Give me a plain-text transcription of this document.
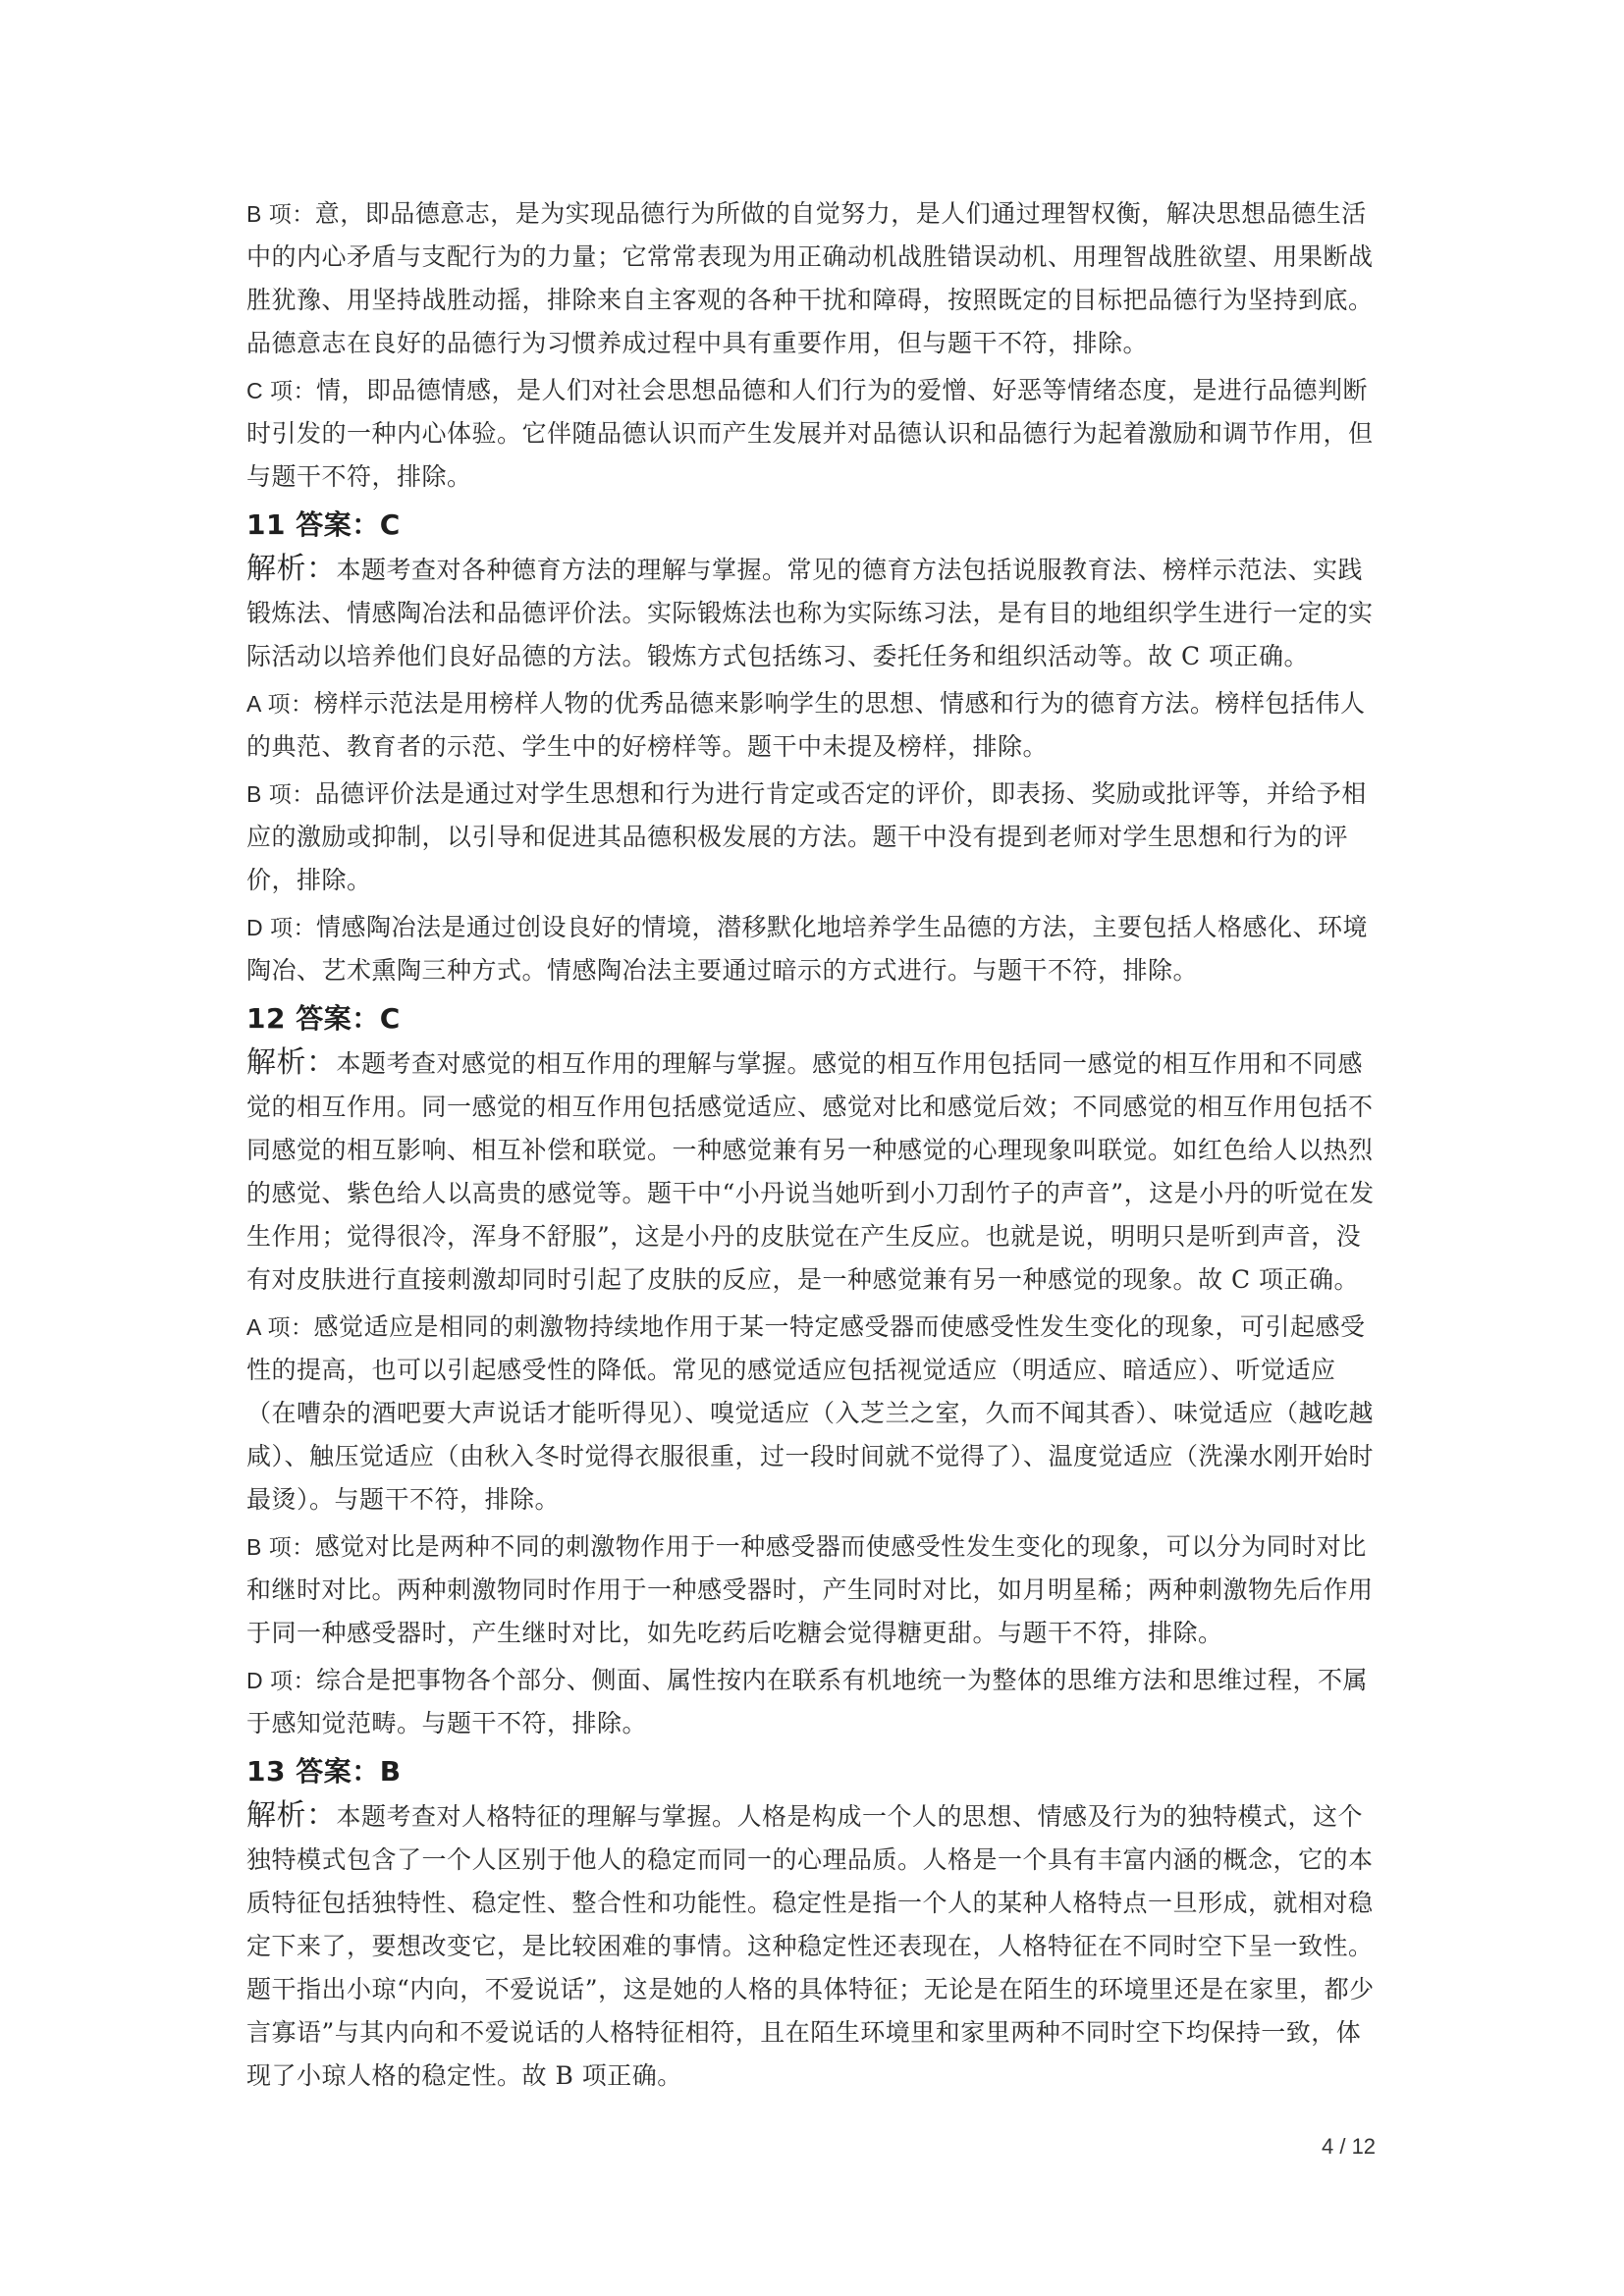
B 项：意，即品德意志，是为实现品德行为所做的自觉努力，是人们通过理智权衡，解决思想品德生活中的内心矛盾与支配行为的力量；它常常表现为用正确动机战胜错误动机、用理智战胜欲望、用果断战胜犹豫、用坚持战胜动摇，排除来自主客观的各种干扰和障碍，按照既定的目标把品德行为坚持到底。品德意志在良好的品德行为习惯养成过程中具有重要作用，但与题干不符，排除。

C 项：情，即品德情感，是人们对社会思想品德和人们行为的爱憎、好恶等情绪态度，是进行品德判断时引发的一种内心体验。它伴随品德认识而产生发展并对品德认识和品德行为起着激励和调节作用，但与题干不符，排除。

11 答案：C

解析：本题考查对各种德育方法的理解与掌握。常见的德育方法包括说服教育法、榜样示范法、实践锻炼法、情感陶冶法和品德评价法。实际锻炼法也称为实际练习法，是有目的地组织学生进行一定的实际活动以培养他们良好品德的方法。锻炼方式包括练习、委托任务和组织活动等。故 C 项正确。

A 项：榜样示范法是用榜样人物的优秀品德来影响学生的思想、情感和行为的德育方法。榜样包括伟人的典范、教育者的示范、学生中的好榜样等。题干中未提及榜样，排除。

B 项：品德评价法是通过对学生思想和行为进行肯定或否定的评价，即表扬、奖励或批评等，并给予相应的激励或抑制，以引导和促进其品德积极发展的方法。题干中没有提到老师对学生思想和行为的评价，排除。

D 项：情感陶冶法是通过创设良好的情境，潜移默化地培养学生品德的方法，主要包括人格感化、环境陶冶、艺术熏陶三种方式。情感陶冶法主要通过暗示的方式进行。与题干不符，排除。

12 答案：C

解析：本题考查对感觉的相互作用的理解与掌握。感觉的相互作用包括同一感觉的相互作用和不同感觉的相互作用。同一感觉的相互作用包括感觉适应、感觉对比和感觉后效；不同感觉的相互作用包括不同感觉的相互影响、相互补偿和联觉。一种感觉兼有另一种感觉的心理现象叫联觉。如红色给人以热烈的感觉、紫色给人以高贵的感觉等。题干中“小丹说当她听到小刀刮竹子的声音”，这是小丹的听觉在发生作用；觉得很冷，浑身不舒服”，这是小丹的皮肤觉在产生反应。也就是说，明明只是听到声音，没有对皮肤进行直接刺激却同时引起了皮肤的反应，是一种感觉兼有另一种感觉的现象。故 C 项正确。

A 项：感觉适应是相同的刺激物持续地作用于某一特定感受器而使感受性发生变化的现象，可引起感受性的提高，也可以引起感受性的降低。常见的感觉适应包括视觉适应（明适应、暗适应）、听觉适应（在嘈杂的酒吧要大声说话才能听得见）、嗅觉适应（入芝兰之室，久而不闻其香）、味觉适应（越吃越咸）、触压觉适应（由秋入冬时觉得衣服很重，过一段时间就不觉得了）、温度觉适应（洗澡水刚开始时最烫）。与题干不符，排除。

B 项：感觉对比是两种不同的刺激物作用于一种感受器而使感受性发生变化的现象，可以分为同时对比和继时对比。两种刺激物同时作用于一种感受器时，产生同时对比，如月明星稀；两种刺激物先后作用于同一种感受器时，产生继时对比，如先吃药后吃糖会觉得糖更甜。与题干不符，排除。

D 项：综合是把事物各个部分、侧面、属性按内在联系有机地统一为整体的思维方法和思维过程，不属于感知觉范畴。与题干不符，排除。

13 答案：B

解析：本题考查对人格特征的理解与掌握。人格是构成一个人的思想、情感及行为的独特模式，这个独特模式包含了一个人区别于他人的稳定而同一的心理品质。人格是一个具有丰富内涵的概念，它的本质特征包括独特性、稳定性、整合性和功能性。稳定性是指一个人的某种人格特点一旦形成，就相对稳定下来了，要想改变它，是比较困难的事情。这种稳定性还表现在，人格特征在不同时空下呈一致性。题干指出小琼“内向，不爱说话”，这是她的人格的具体特征；无论是在陌生的环境里还是在家里，都少言寡语”与其内向和不爱说话的人格特征相符，且在陌生环境里和家里两种不同时空下均保持一致，体现了小琼人格的稳定性。故 B 项正确。

4 / 12
